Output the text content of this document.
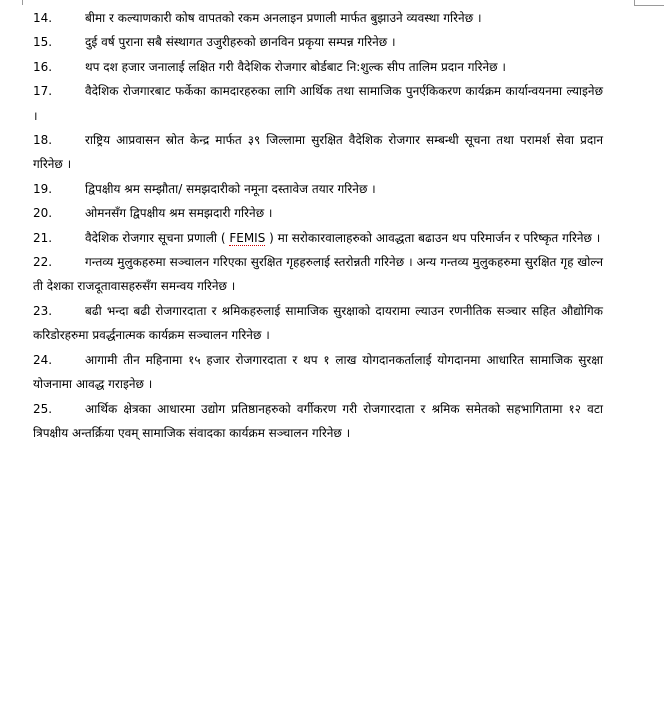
14.	बीमा र कल्याणकारी कोष वापतको रकम अनलाइन प्रणाली मार्फत बुझाउने व्यवस्था गरिनेछ ।
15.	दुई वर्ष पुराना सबै संस्थागत उजुरीहरुको छानविन प्रकृया सम्पन्न गरिनेछ ।
16.	थप दश हजार जनालाई लक्षित गरी वैदेशिक रोजगार बोर्डबाट नि:शुल्क सीप तालिम प्रदान गरिनेछ ।
17.	वैदेशिक रोजगारबाट फर्केका कामदारहरुका लागि आर्थिक तथा सामाजिक पुनर्एकिकरण कार्यक्रम कार्यान्वयनमा ल्याइनेछ ।
18.	राष्ट्रिय आप्रवासन स्रोत केन्द्र मार्फत ३९ जिल्लामा सुरक्षित वैदेशिक रोजगार सम्बन्धी सूचना तथा परामर्श सेवा प्रदान गरिनेछ ।
19.	द्विपक्षीय श्रम सम्झौता/ समझदारीको नमूना दस्तावेज तयार गरिनेछ ।
20.	ओमनसँग द्विपक्षीय श्रम समझदारी गरिनेछ ।
21.	वैदेशिक रोजगार सूचना प्रणाली ( FEMIS ) मा सरोकारवालाहरुको आवद्धता बढाउन थप परिमार्जन र परिष्कृत गरिनेछ ।
22.	गन्तव्य मुलुकहरुमा सञ्चालन गरिएका सुरक्षित गृहहरुलाई स्तरोन्नती गरिनेछ । अन्य गन्तव्य मुलुकहरुमा सुरक्षित गृह खोल्न ती देशका राजदूतावासहरुसँग समन्वय गरिनेछ ।
23.	बढी भन्दा बढी रोजगारदाता र श्रमिकहरुलाई सामाजिक सुरक्षाको दायरामा ल्याउन रणनीतिक सञ्चार सहित औद्योगिक करिडोरहरुमा प्रवर्द्धनात्मक कार्यक्रम सञ्चालन गरिनेछ ।
24.	आगामी तीन महिनामा १५ हजार रोजगारदाता र थप १ लाख योगदानकर्तालाई योगदानमा आधारित सामाजिक सुरक्षा योजनामा आवद्ध गराइनेछ ।
25.	आर्थिक क्षेत्रका आधारमा उद्योग प्रतिष्ठानहरुको वर्गीकरण गरी रोजगारदाता र श्रमिक समेतको सहभागितामा १२ वटा त्रिपक्षीय अन्तर्क्रिया एवम् सामाजिक संवादका कार्यक्रम सञ्चालन गरिनेछ ।
